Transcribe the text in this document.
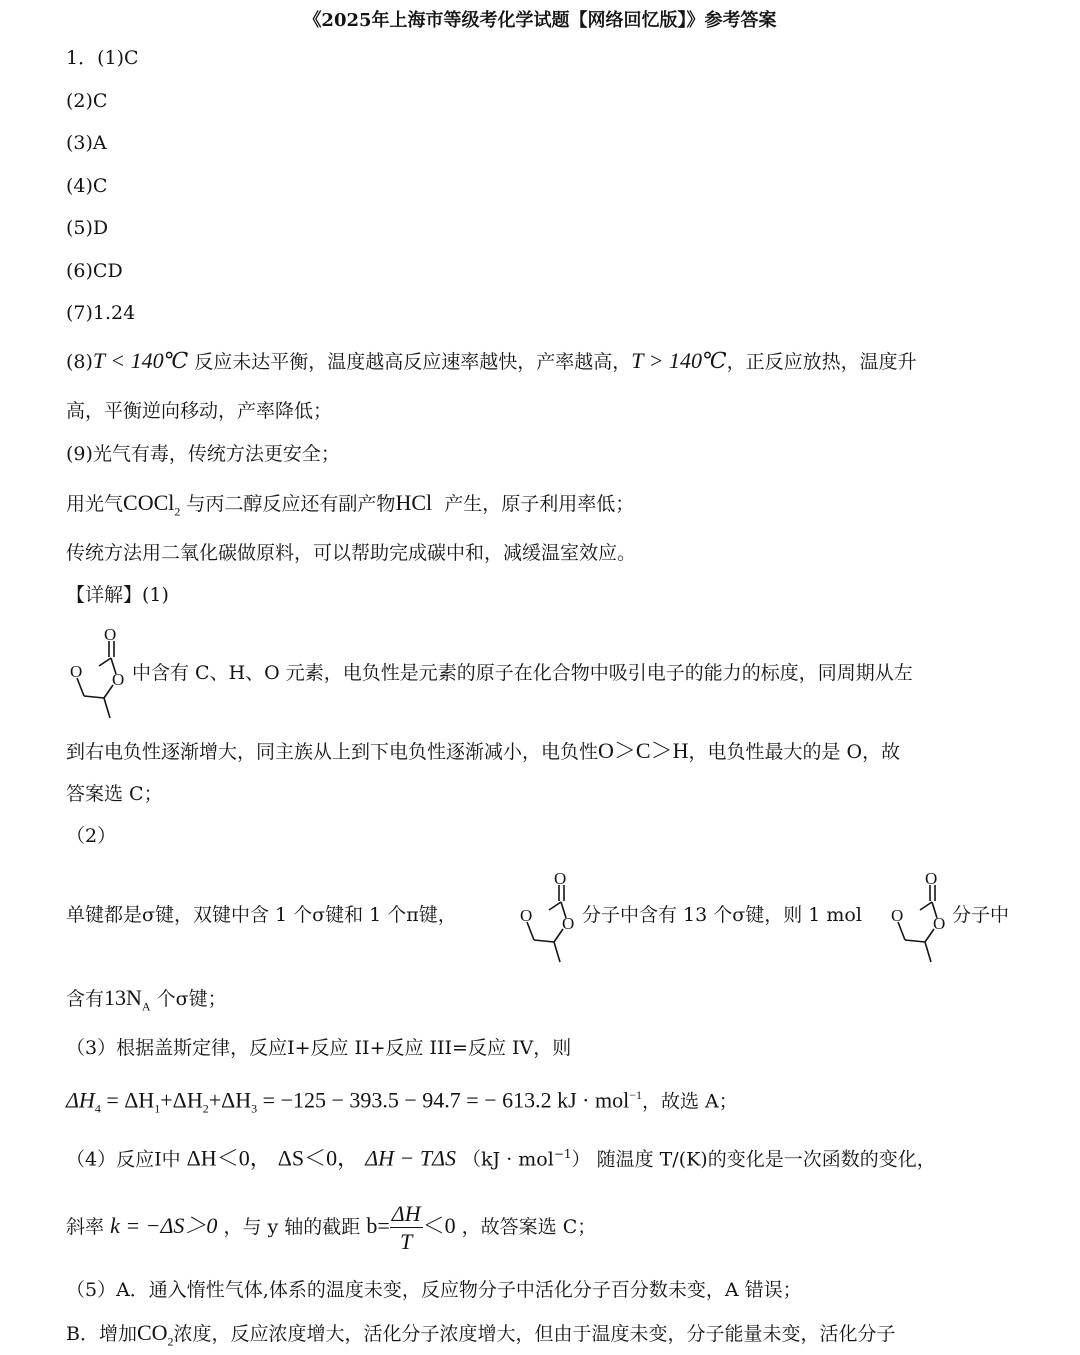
《2025年上海市等级考化学试题【网络回忆版】》参考答案
1．(1)C
(2)C
(3)A
(4)C
(5)D
(6)CD
(7)1.24
(8)T < 140℃ 反应未达平衡，温度越高反应速率越快，产率越高，T > 140℃，正反应放热，温度升
高，平衡逆向移动，产率降低；
(9)光气有毒，传统方法更安全；
用光气COCl$_2$ 与丙二醇反应还有副产物HCl 产生，原子利用率低；
传统方法用二氧化碳做原料，可以帮助完成碳中和，减缓温室效应。
【详解】(1)
O
O O 中含有 C、H、O 元素，电负性是元素的原子在化合物中吸引电子的能力的标度，同周期从左
到右电负性逐渐增大，同主族从上到下电负性逐渐减小，电负性O＞C＞H，电负性最大的是 O，故
答案选 C；
（2）
单键都是σ键，双键中含 1 个σ键和 1 个π键，
O
O O 分子中含有 13 个σ键，则 1 mol
O
O O 分子中
含有$13N_A$ 个σ键；
（3）根据盖斯定律，反应Ⅰ+反应 II+反应 III=反应 IV，则
$\Delta H_4 = \Delta H_1+\Delta H_2+\Delta H_3 = -125 - 393.5 - 94.7$ = − 613.2 kJ · mol$^{-1}$，故选 A；
（4）反应Ⅰ中 ΔH＜0， ΔS＜0， ΔH − TΔS （kJ · mol$^{-1}$） 随温度 T/(K)的变化是一次函数的变化，
斜率 k = −ΔS＞0 ，与 y 轴的截距 $b= \frac{\Delta H}{T} <0$ ，故答案选 C；
（5）A．通入惰性气体,体系的温度未变，反应物分子中活化分子百分数未变，A 错误；
B．增加$CO_2$浓度，反应浓度增大，活化分子浓度增大，但由于温度未变，分子能量未变，活化分子
